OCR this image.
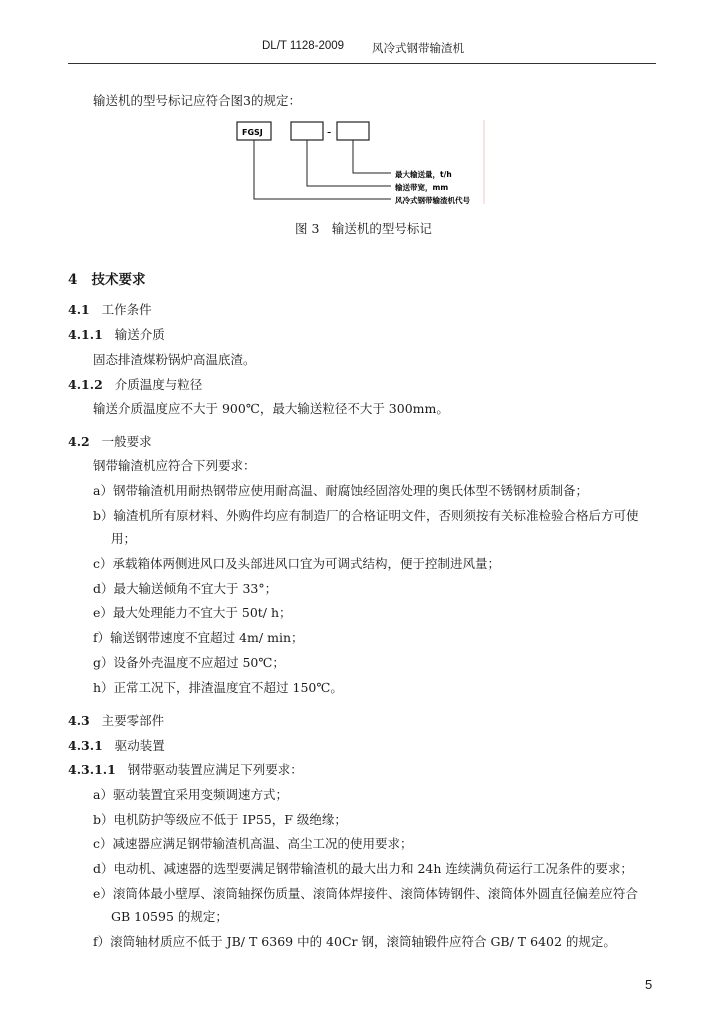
DL/T 1128-2009 风冷式钢带输渣机
输送机的型号标记应符合图3的规定：
FGSJ	-
最大输送量，t/h
输送带宽，mm
风冷式钢带输渣机代号
图 3　输送机的型号标记
4 技术要求
4.1 工作条件
4.1.1 输送介质
固态排渣煤粉锅炉高温底渣。
4.1.2 介质温度与粒径
输送介质温度应不大于 900℃，最大输送粒径不大于 300mm。
4.2 一般要求
钢带输渣机应符合下列要求：
a）钢带输渣机用耐热钢带应使用耐高温、耐腐蚀经固溶处理的奥氏体型不锈钢材质制备；
b）输渣机所有原材料、外购件均应有制造厂的合格证明文件，否则须按有关标准检验合格后方可使
用；
c）承载箱体两侧进风口及头部进风口宜为可调式结构，便于控制进风量；
d）最大输送倾角不宜大于 33°；
e）最大处理能力不宜大于 50t/ h；
f）输送钢带速度不宜超过 4m/ min；
g）设备外壳温度不应超过 50℃；
h）正常工况下，排渣温度宜不超过 150℃。
4.3 主要零部件
4.3.1 驱动装置
4.3.1.1 钢带驱动装置应满足下列要求：
a）驱动装置宜采用变频调速方式；
b）电机防护等级应不低于 IP55，F 级绝缘；
c）减速器应满足钢带输渣机高温、高尘工况的使用要求；
d）电动机、减速器的选型要满足钢带输渣机的最大出力和 24h 连续满负荷运行工况条件的要求；
e）滚筒体最小壁厚、滚筒轴探伤质量、滚筒体焊接件、滚筒体铸钢件、滚筒体外圆直径偏差应符合
GB 10595 的规定；
f）滚筒轴材质应不低于 JB/ T 6369 中的 40Cr 钢，滚筒轴锻件应符合 GB/ T 6402 的规定。
5
